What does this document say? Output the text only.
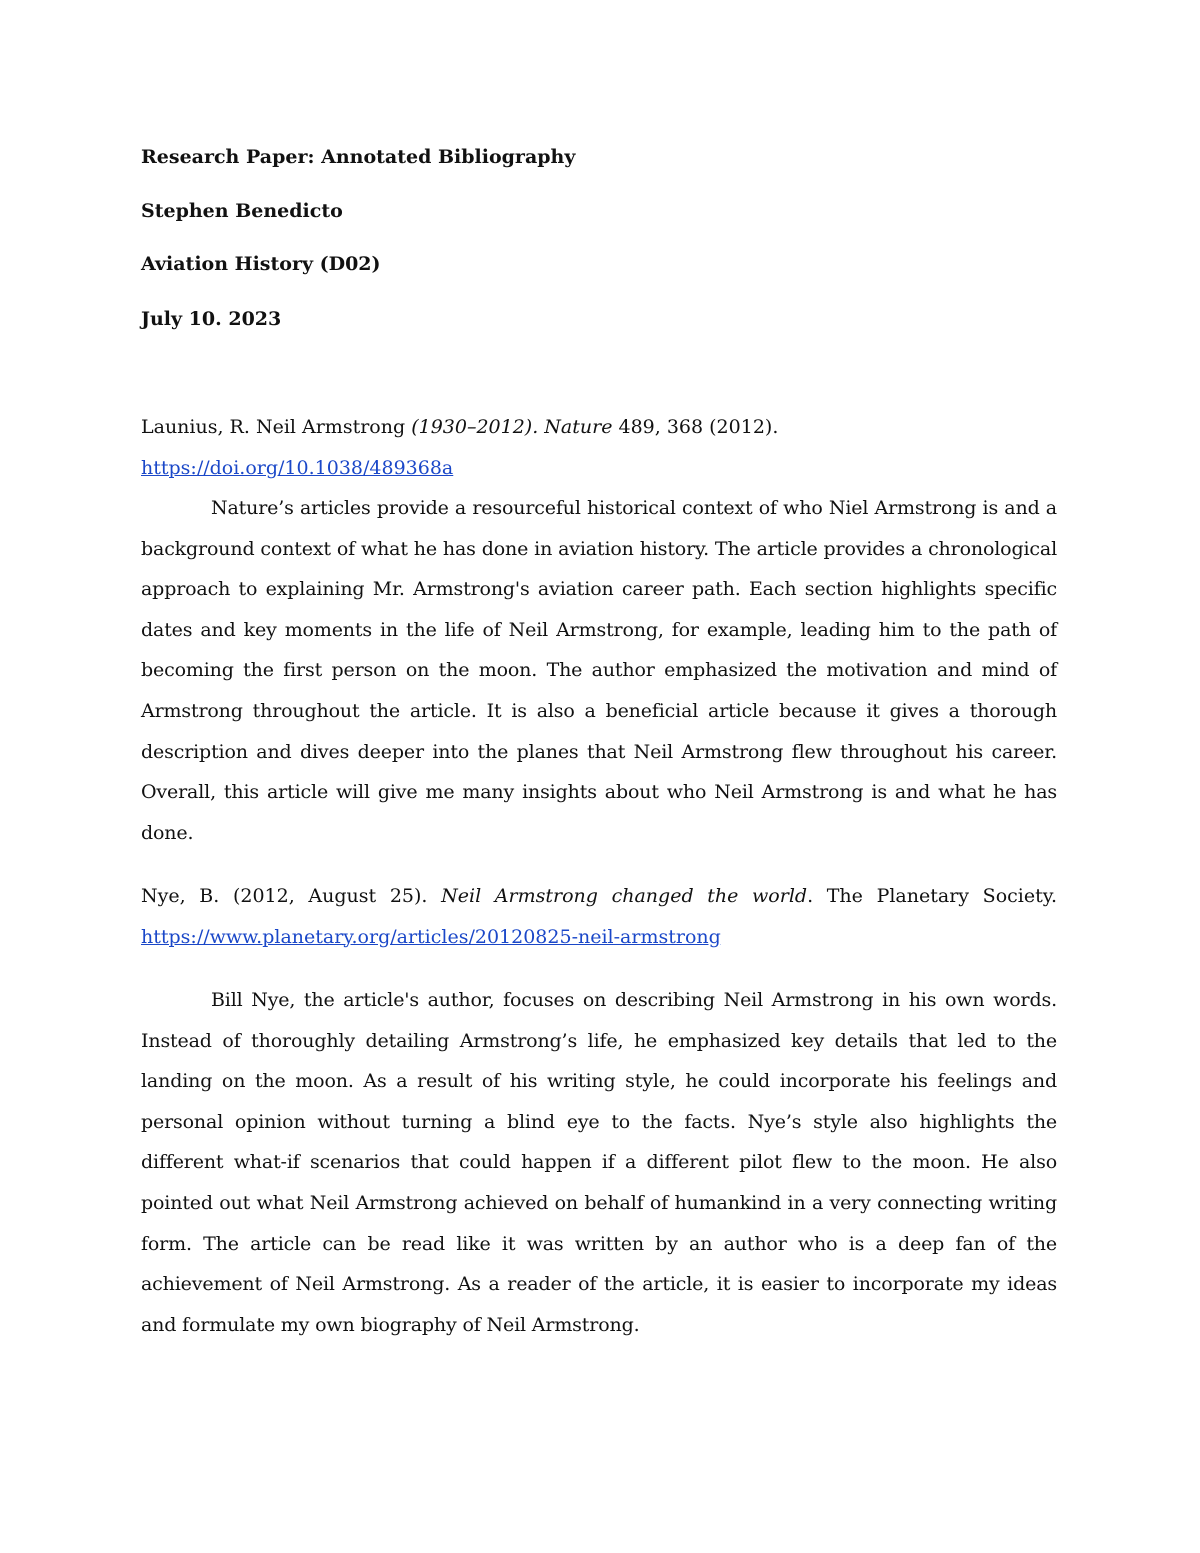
Research Paper: Annotated Bibliography
Stephen Benedicto
Aviation History (D02)
July 10. 2023
Launius, R. Neil Armstrong (1930–2012). Nature 489, 368 (2012).
https://doi.org/10.1038/489368a
Nature’s articles provide a resourceful historical context of who Niel Armstrong is and a background context of what he has done in aviation history. The article provides a chronological approach to explaining Mr. Armstrong's aviation career path. Each section highlights specific dates and key moments in the life of Neil Armstrong, for example, leading him to the path of becoming the first person on the moon. The author emphasized the motivation and mind of Armstrong throughout the article. It is also a beneficial article because it gives a thorough description and dives deeper into the planes that Neil Armstrong flew throughout his career. Overall, this article will give me many insights about who Neil Armstrong is and what he has done.
Nye, B. (2012, August 25). Neil Armstrong changed the world. The Planetary Society.
https://www.planetary.org/articles/20120825-neil-armstrong
Bill Nye, the article's author, focuses on describing Neil Armstrong in his own words. Instead of thoroughly detailing Armstrong’s life, he emphasized key details that led to the landing on the moon. As a result of his writing style, he could incorporate his feelings and personal opinion without turning a blind eye to the facts. Nye’s style also highlights the different what-if scenarios that could happen if a different pilot flew to the moon. He also pointed out what Neil Armstrong achieved on behalf of humankind in a very connecting writing form. The article can be read like it was written by an author who is a deep fan of the achievement of Neil Armstrong. As a reader of the article, it is easier to incorporate my ideas and formulate my own biography of Neil Armstrong.
